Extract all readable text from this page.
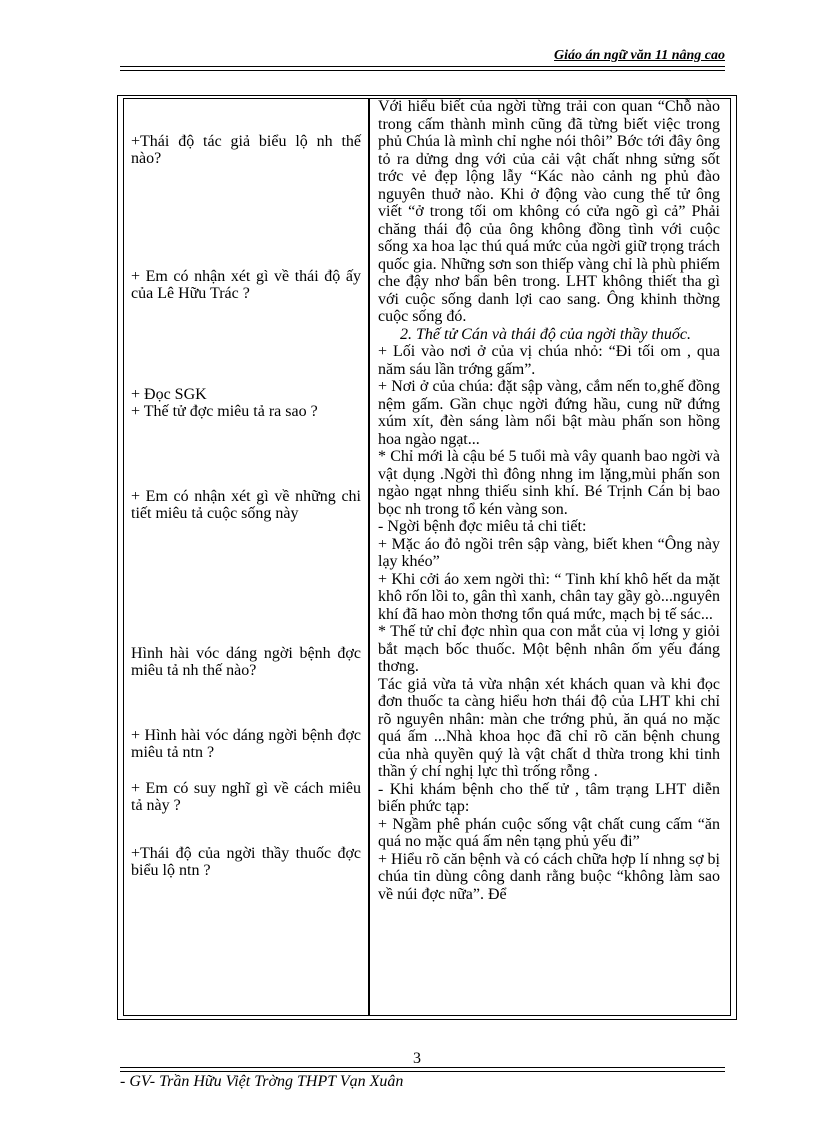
Giáo án ngữ văn 11 nâng cao
+Thái độ tác giả biểu lộ nh thế nào?
+ Em có nhận xét gì về thái độ ấy của Lê Hữu Trác ?
+ Đọc SGK
+ Thế tử đợc miêu tả ra sao ?
+ Em có nhận xét gì về những chi tiết miêu tả cuộc sống này
Hình hài vóc dáng ngời bệnh đợc miêu tả nh thế nào?
+ Hình hài vóc dáng ngời bệnh đợc miêu tả ntn ?
+ Em có suy nghĩ gì về cách miêu tả này ?
+Thái độ của ngời thầy thuốc đợc biểu lộ ntn ?

Với hiểu biết của ngời từng trải con quan “Chỗ nào trong cấm thành mình cũng đã từng biết việc trong phủ Chúa là mình chỉ nghe nói thôi” Bớc tới đây ông tỏ ra dửng dng với của cải vật chất nhng sửng sốt trớc vẻ đẹp lộng lẫy “Kác nào cảnh ng phủ đào nguyên thuở nào. Khi ở động vào cung thế tử ông viết “ở trong tối om không có cửa ngõ gì cả” Phải chăng thái độ của ông không đồng tình với cuộc sống xa hoa lạc thú quá mức của ngời giữ trọng trách quốc gia. Những sơn son thiếp vàng chỉ là phù phiếm che đậy nhơ bẩn bên trong. LHT không thiết tha gì với cuộc sống danh lợi cao sang. Ông khinh thờng cuộc sống đó.

2. Thế tử Cán và thái độ của ngời thầy thuốc.

+ Lối vào nơi ở của vị chúa nhỏ: “Đi tối om , qua năm sáu lần trớng gấm”.

+ Nơi ở của chúa: đặt sập vàng, cắm nến to,ghế đồng nệm gấm. Gần chục ngời đứng hầu, cung nữ đứng xúm xít, đèn sáng làm nổi bật màu phấn son hồng hoa ngào ngạt...

* Chỉ mới là cậu bé 5 tuổi mà vây quanh bao ngời và vật dụng .Ngời thì đông nhng im lặng,mùi phấn son ngào ngạt nhng thiếu sinh khí. Bé Trịnh Cán bị bao bọc nh trong tổ kén vàng son.

- Ngời bệnh đợc miêu tả chi tiết:

+ Mặc áo đỏ ngồi trên sập vàng, biết khen “Ông này lạy khéo”

+ Khi cởi áo xem ngời thì: “ Tinh khí khô hết da mặt khô rốn lồi to, gân thì xanh, chân tay gầy gò...nguyên khí đã hao mòn thơng tổn quá mức, mạch bị tế sác...

* Thế tử chỉ đợc nhìn qua con mắt của vị lơng y giỏi bắt mạch bốc thuốc. Một bệnh nhân ốm yếu đáng thơng.

Tác giả vừa tả vừa nhận xét khách quan và khi đọc đơn thuốc ta càng hiểu hơn thái độ của LHT khi chỉ rõ nguyên nhân: màn che trớng phủ, ăn quá no mặc quá ấm ...Nhà khoa học đã chỉ rõ căn bệnh chung của nhà quyền quý là vật chất d thừa trong khi tinh thần ý chí nghị lực thì trống rỗng .

- Khi khám bệnh cho thế tử , tâm trạng LHT diễn biến phức tạp:

+ Ngầm phê phán cuộc sống vật chất cung cấm “ăn quá no mặc quá ấm nên tạng phủ yếu đi”

+ Hiểu rõ căn bệnh và có cách chữa hợp lí nhng sợ bị chúa tin dùng công danh rằng buộc “không làm sao về núi đợc nữa”. Để

3
- GV- Trần Hữu Việt Trờng THPT Vạn Xuân
